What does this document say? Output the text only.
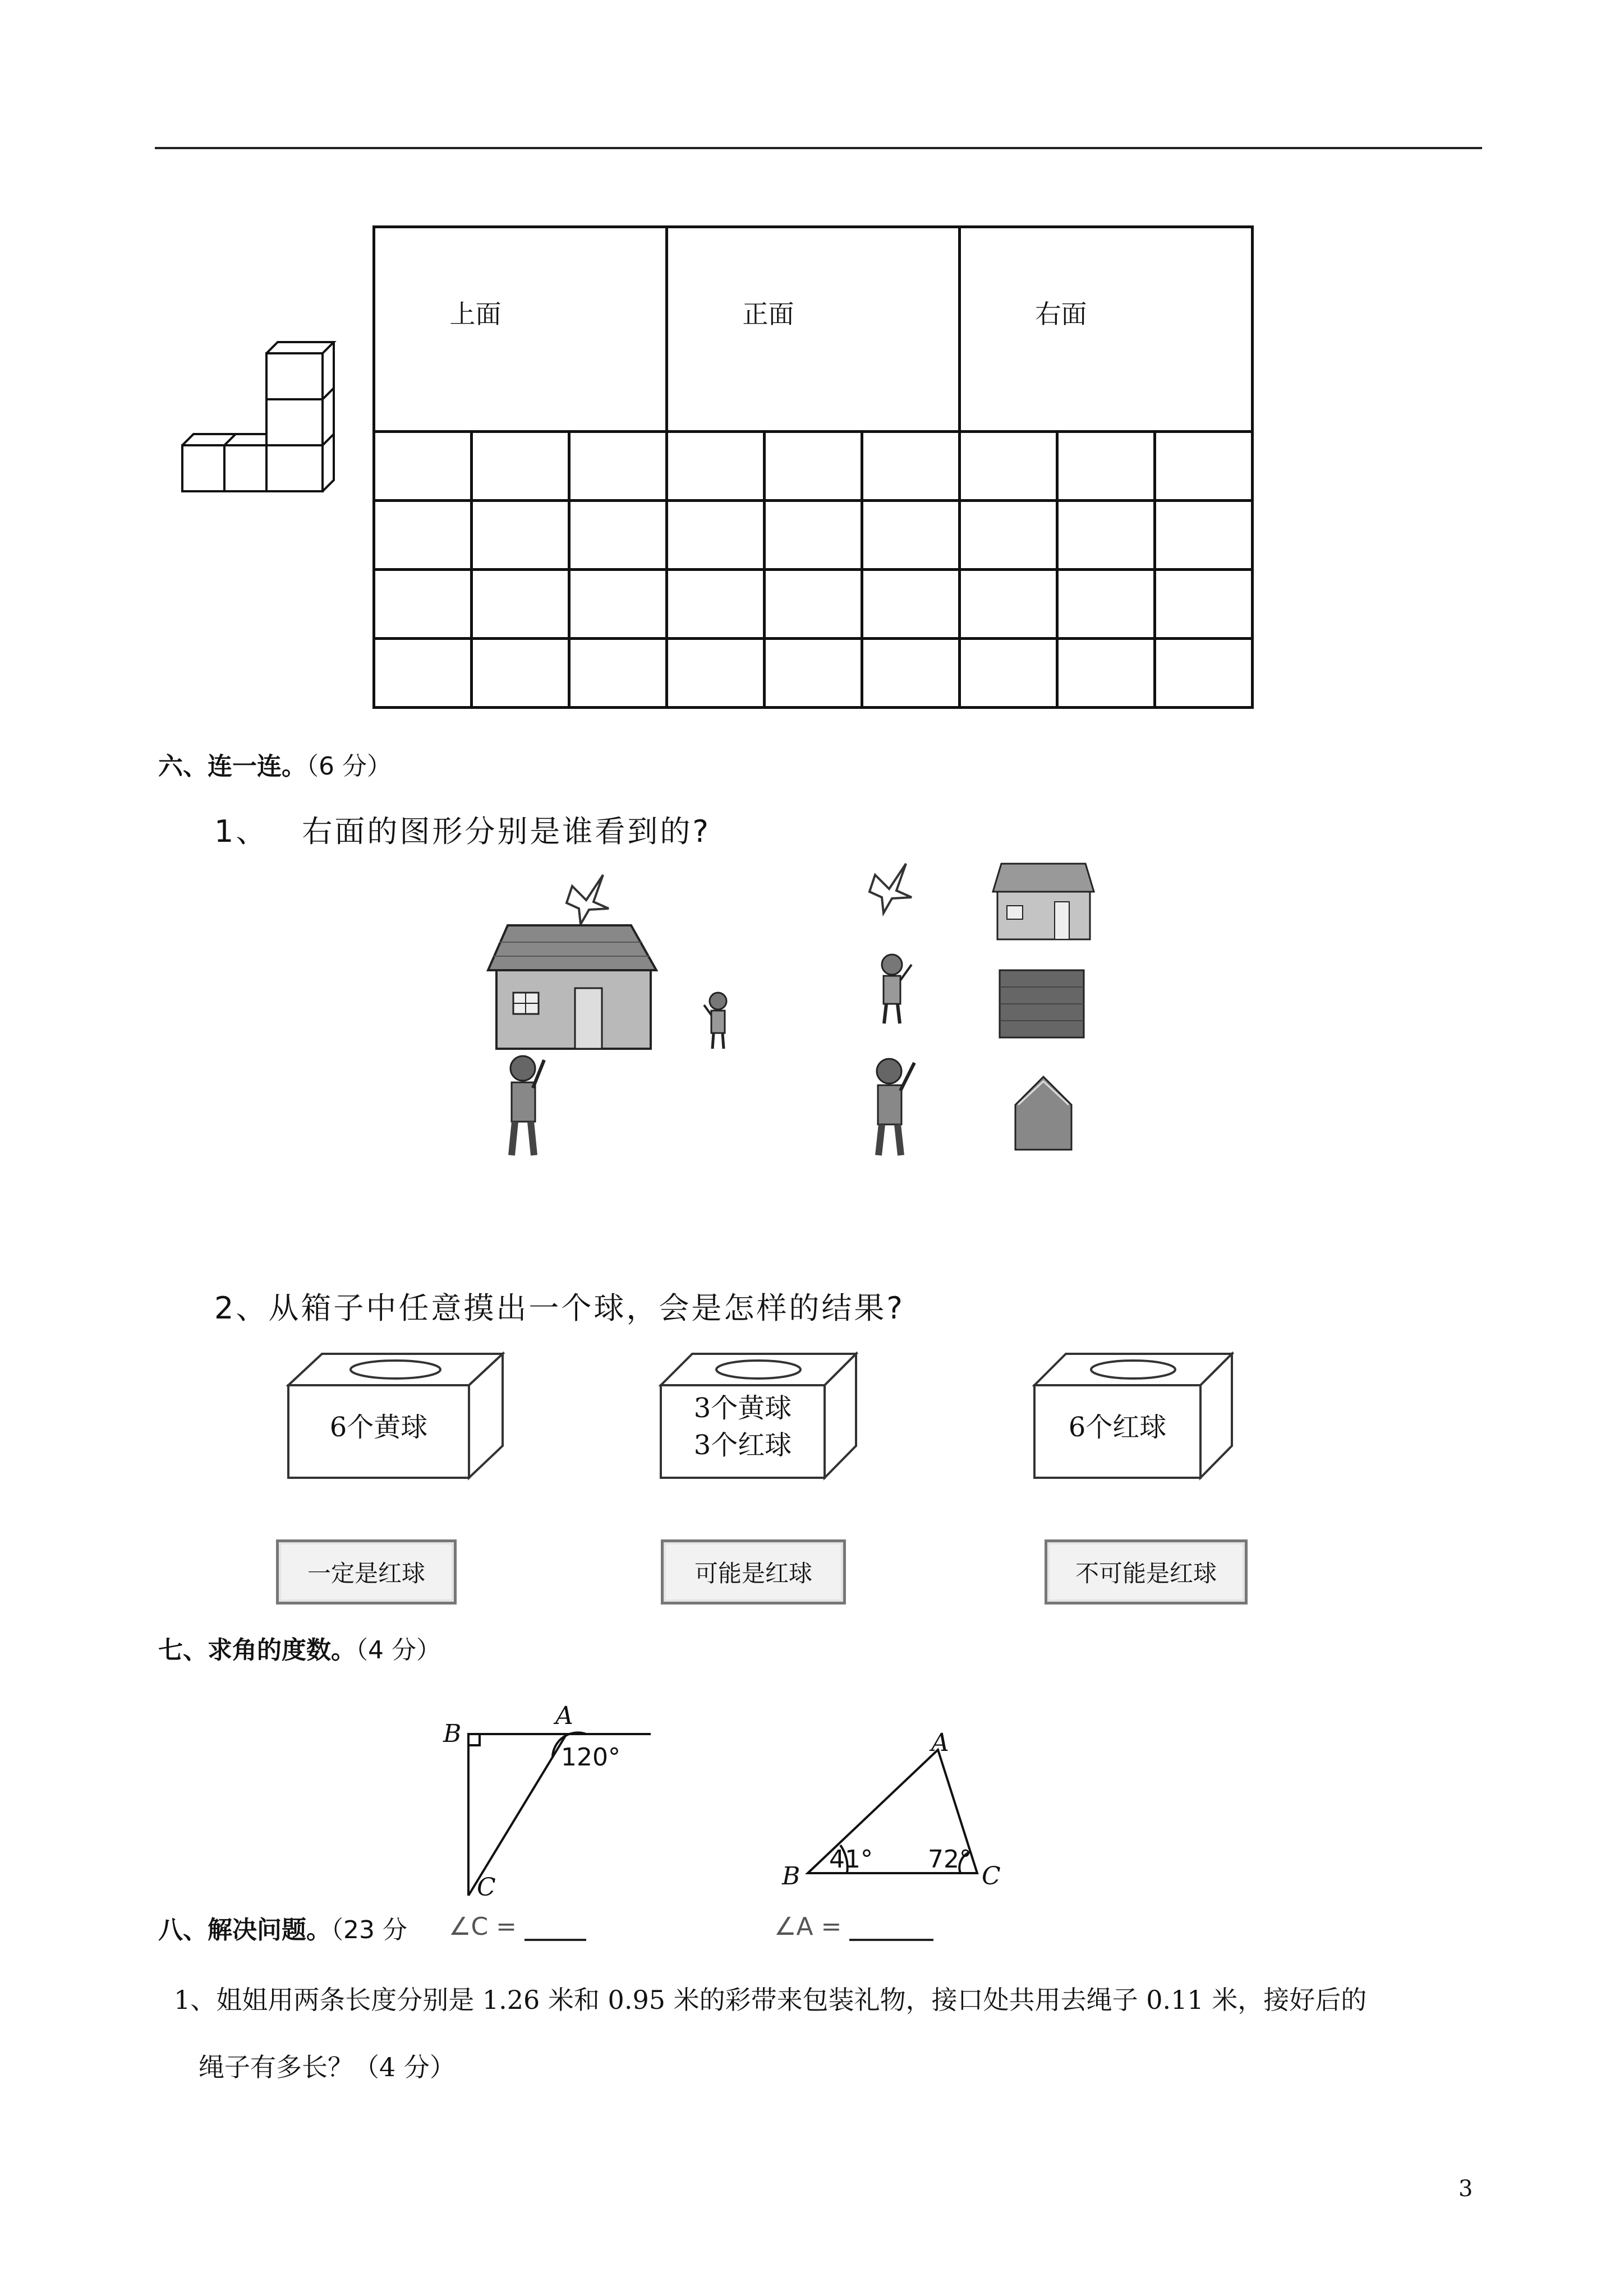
上面			正面			右面		

六、连一连。（6 分）
1、 右面的图形分别是谁看到的?
2、从箱子中任意摸出一个球，会是怎样的结果?
6个黄球
3个黄球
3个红球
6个红球
一定是红球	可能是红球	不可能是红球
七、求角的度数。（4 分）
B
A
C
120°
A
B	C
41° 72°
八、解决问题。（23 分 ∠C =	∠A =
1、姐姐用两条长度分别是 1.26 米和 0.95 米的彩带来包装礼物，接口处共用去绳子 0.11 米，接好后的
绳子有多长？（4 分）
3
